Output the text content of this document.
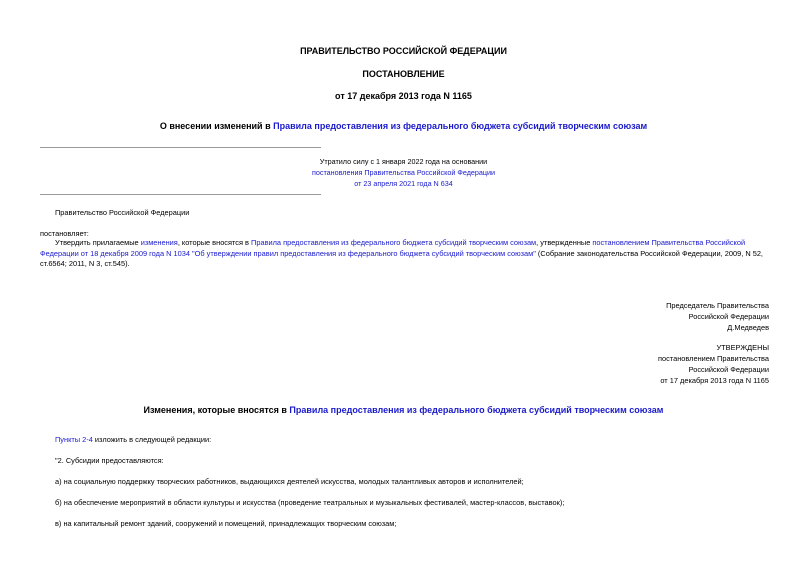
ПРАВИТЕЛЬСТВО РОССИЙСКОЙ ФЕДЕРАЦИИ
ПОСТАНОВЛЕНИЕ
от 17 декабря 2013 года N 1165
О внесении изменений в Правила предоставления из федерального бюджета субсидий творческим союзам
Утратило силу с 1 января 2022 года на основании
постановления Правительства Российской Федерации
от 23 апреля 2021 года N 634
Правительство Российской Федерации
постановляет:
Утвердить прилагаемые изменения, которые вносятся в Правила предоставления из федерального бюджета субсидий творческим союзам, утвержденные постановлением Правительства Российской Федерации от 18 декабря 2009 года N 1034 "Об утверждении правил предоставления из федерального бюджета субсидий творческим союзам" (Собрание законодательства Российской Федерации, 2009, N 52, ст.6564; 2011, N 3, ст.545).
Председатель Правительства
Российской Федерации
Д.Медведев
УТВЕРЖДЕНЫ
постановлением Правительства
Российской Федерации
от 17 декабря 2013 года N 1165
Изменения, которые вносятся в Правила предоставления из федерального бюджета субсидий творческим союзам
Пункты 2-4 изложить в следующей редакции:
"2. Субсидии предоставляются:
а) на социальную поддержку творческих работников, выдающихся деятелей искусства, молодых талантливых авторов и исполнителей;
б) на обеспечение мероприятий в области культуры и искусства (проведение театральных и музыкальных фестивалей, мастер-классов, выставок);
в) на капитальный ремонт зданий, сооружений и помещений, принадлежащих творческим союзам;
